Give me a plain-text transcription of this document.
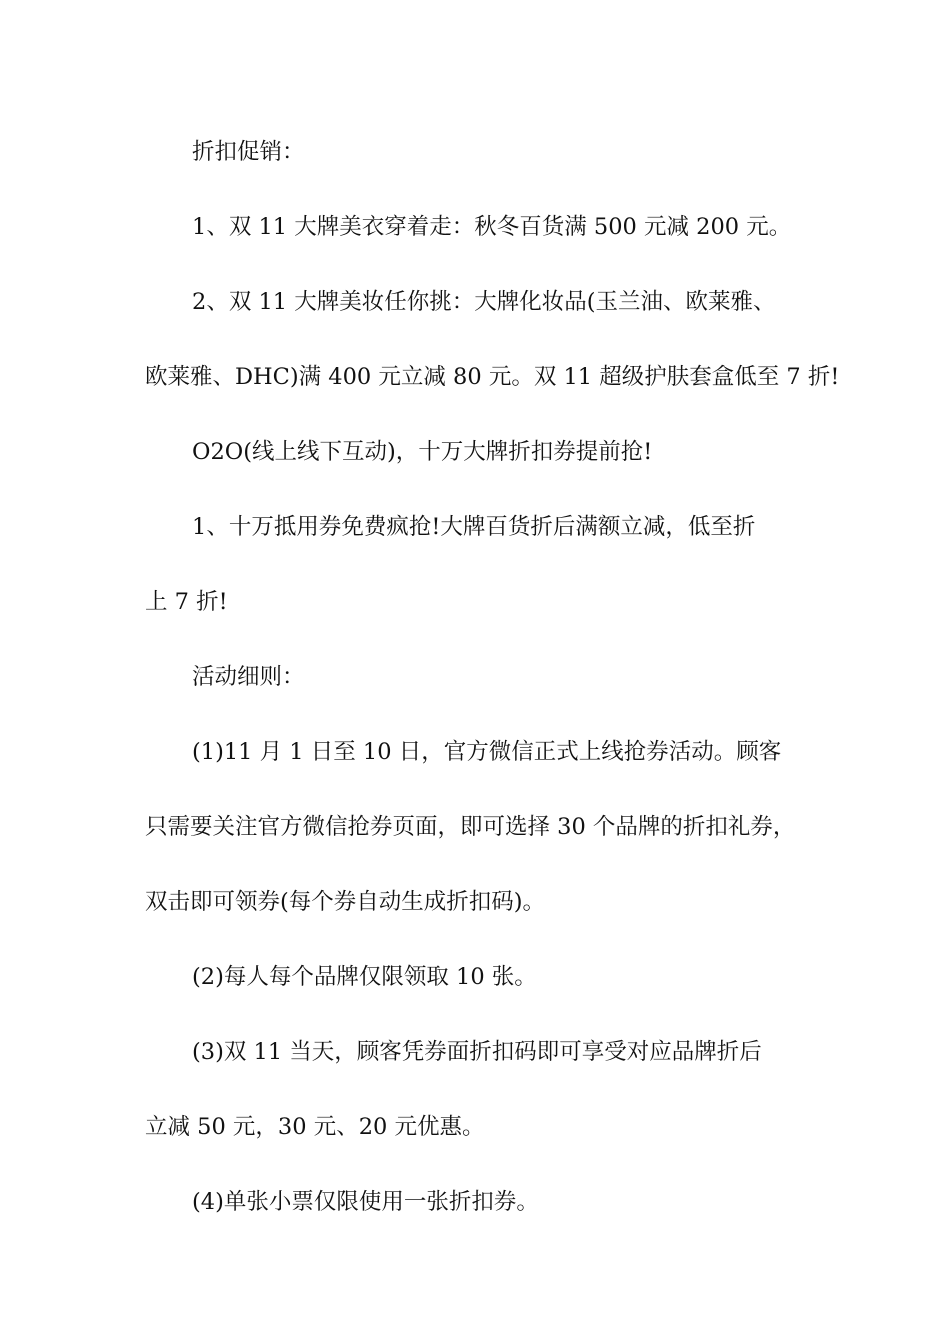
折扣促销：
1、双 11 大牌美衣穿着走：秋冬百货满 500 元减 200 元。
2、双 11 大牌美妆任你挑：大牌化妆品(玉兰油、欧莱雅、
欧莱雅、DHC)满 400 元立减 80 元。双 11 超级护肤套盒低至 7 折!
O2O(线上线下互动)，十万大牌折扣券提前抢!
1、十万抵用券免费疯抢!大牌百货折后满额立减，低至折
上 7 折!
活动细则：
(1)11 月 1 日至 10 日，官方微信正式上线抢券活动。顾客
只需要关注官方微信抢券页面，即可选择 30 个品牌的折扣礼券，
双击即可领券(每个券自动生成折扣码)。
(2)每人每个品牌仅限领取 10 张。
(3)双 11 当天，顾客凭券面折扣码即可享受对应品牌折后
立减 50 元，30 元、20 元优惠。
(4)单张小票仅限使用一张折扣券。
